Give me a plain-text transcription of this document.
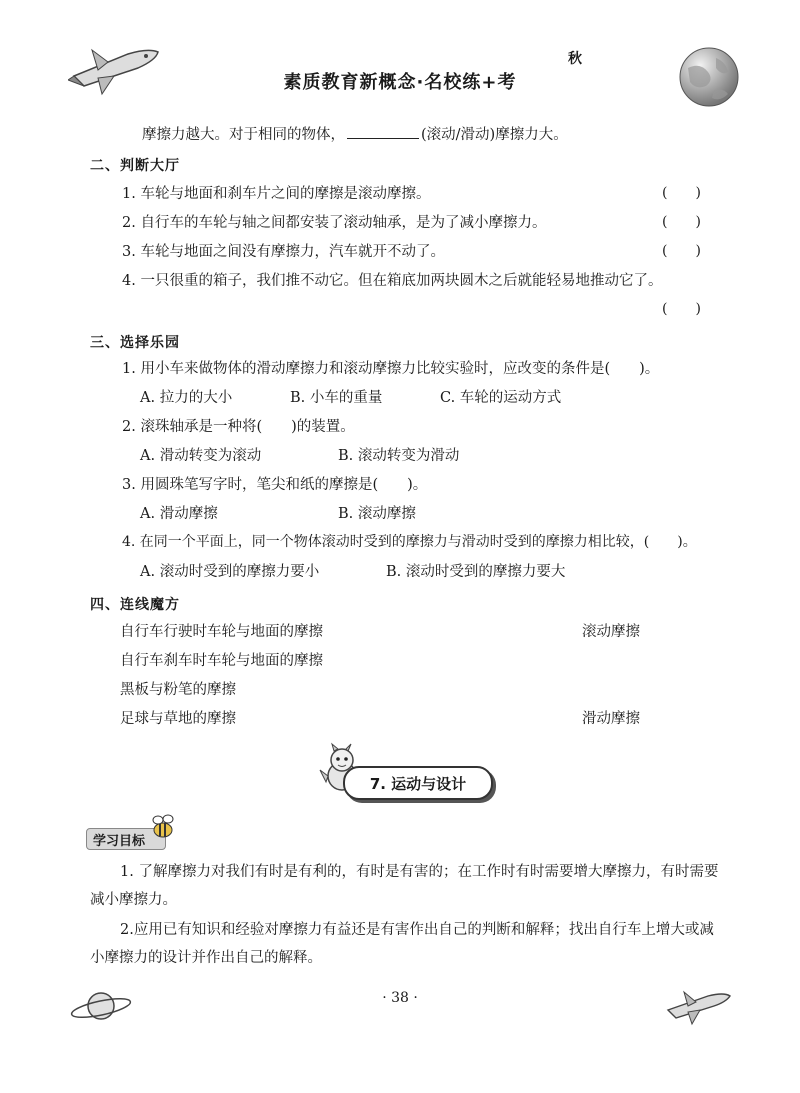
秋
素质教育新概念·名校练+考
摩擦力越大。对于相同的物体，	(滚动/滑动)摩擦力大。
二、判断大厅
1. 车轮与地面和刹车片之间的摩擦是滚动摩擦。	(　　)
2. 自行车的车轮与轴之间都安装了滚动轴承，是为了减小摩擦力。	(　　)
3. 车轮与地面之间没有摩擦力，汽车就开不动了。	(　　)
4. 一只很重的箱子，我们推不动它。但在箱底加两块圆木之后就能轻易地推动它了。
(　　)
三、选择乐园
1. 用小车来做物体的滑动摩擦力和滚动摩擦力比较实验时，应改变的条件是(　　)。
A. 拉力的大小	B. 小车的重量	C. 车轮的运动方式
2. 滚珠轴承是一种将(　　)的装置。
A. 滑动转变为滚动	B. 滚动转变为滑动
3. 用圆珠笔写字时，笔尖和纸的摩擦是(　　)。
A. 滑动摩擦	B. 滚动摩擦
4. 在同一个平面上，同一个物体滚动时受到的摩擦力与滑动时受到的摩擦力相比较，(　　)。
A. 滚动时受到的摩擦力要小	B. 滚动时受到的摩擦力要大
四、连线魔方
自行车行驶时车轮与地面的摩擦	滚动摩擦
自行车刹车时车轮与地面的摩擦
黑板与粉笔的摩擦
足球与草地的摩擦	滑动摩擦
7. 运动与设计
学习目标
1. 了解摩擦力对我们有时是有利的，有时是有害的；在工作时有时需要增大摩擦力，有时需要减小摩擦力。
2.应用已有知识和经验对摩擦力有益还是有害作出自己的判断和解释；找出自行车上增大或减小摩擦力的设计并作出自己的解释。
· 38 ·
